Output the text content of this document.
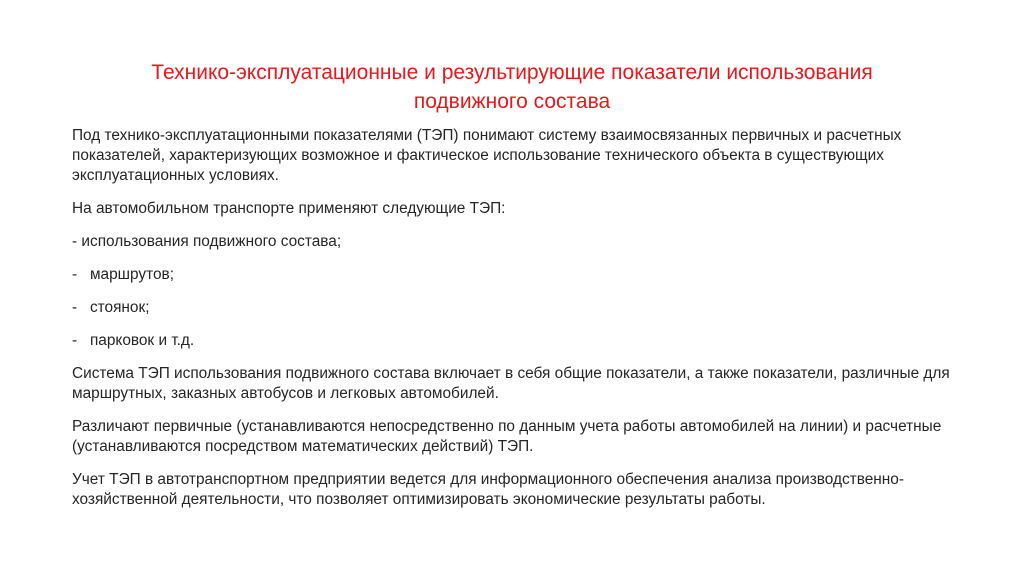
Технико-эксплуатационные и результирующие показатели использования
подвижного состава

Под технико-эксплуатационными показателями (ТЭП) понимают систему взаимосвязанных первичных и расчетных показателей, характеризующих возможное и фактическое использование технического объекта в существующих эксплуатационных условиях.

На автомобильном транспорте применяют следующие ТЭП:

- использования подвижного состава;

-   маршрутов;

-   стоянок;

-   парковок и т.д.

Система ТЭП использования подвижного состава включает в себя общие показатели, а также показатели, различные для маршрутных, заказных автобусов и легковых автомобилей.

Различают первичные (устанавливаются непосредственно по данным учета работы автомобилей на линии) и расчетные (устанавливаются посредством математических действий) ТЭП.

Учет ТЭП в автотранспортном предприятии ведется для информационного обеспечения анализа производственно-хозяйственной деятельности, что позволяет оптимизировать экономические результаты работы.
